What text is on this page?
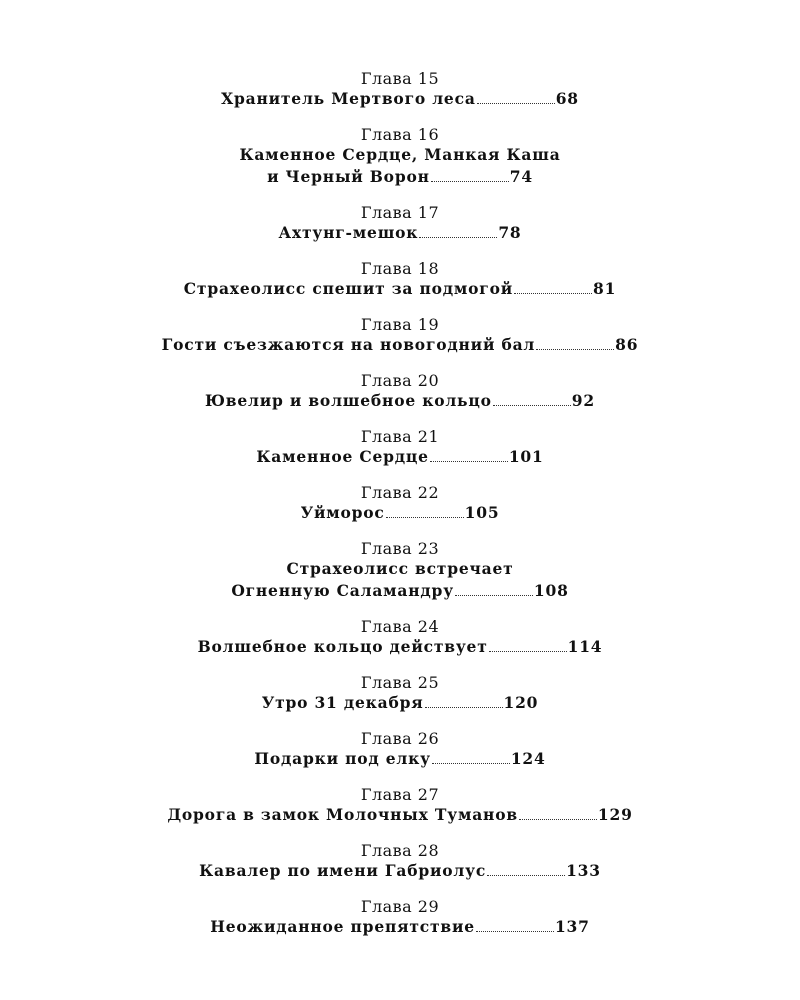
Глава 15
Хранитель Мертвого леса	68
Глава 16
Каменное Сердце, Манкая Каша
и Черный Ворон	74
Глава 17
Ахтунг-мешок	78
Глава 18
Страхеолисс спешит за подмогой	81
Глава 19
Гости съезжаются на новогодний бал	86
Глава 20
Ювелир и волшебное кольцо	92
Глава 21
Каменное Сердце	101
Глава 22
Уйморос	105
Глава 23
Страхеолисс встречает
Огненную Саламандру	108
Глава 24
Волшебное кольцо действует	114
Глава 25
Утро 31 декабря	120
Глава 26
Подарки под елку	124
Глава 27
Дорога в замок Молочных Туманов	129
Глава 28
Кавалер по имени Габриолус	133
Глава 29
Неожиданное препятствие	137
